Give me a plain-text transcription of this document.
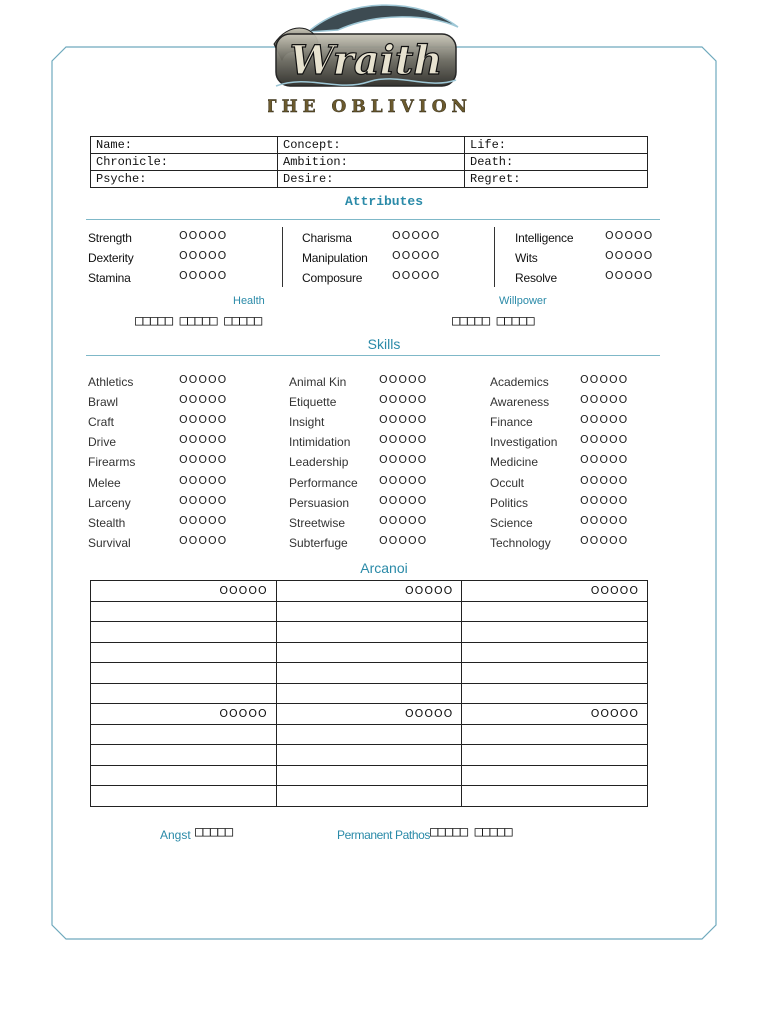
Wraith
THE OBLIVION
Name:	Concept:	Life:
Chronicle:	Ambition:	Death:
Psyche:	Desire:	Regret:
Attributes
Strength	OOOOO
Dexterity	OOOOO
Stamina	OOOOO
Charisma	OOOOO
Manipulation OOOOO
Composure	OOOOO
Intelligence	OOOOO
Wits	OOOOO
Resolve	OOOOO
Health
□□□□□ □□□□□ □□□□□
Willpower
□□□□□ □□□□□
Skills
Athletics	OOOOO
Brawl	OOOOO
Craft	OOOOO
Drive	OOOOO
Firearms	OOOOO
Melee	OOOOO
Larceny	OOOOO
Stealth	OOOOO
Survival	OOOOO
Animal Kin	OOOOO
Etiquette	OOOOO
Insight	OOOOO
Intimidation	OOOOO
Leadership	OOOOO
Performance OOOOO
Persuasion	OOOOO
Streetwise	OOOOO
Subterfuge	OOOOO
Academics	OOOOO
Awareness	OOOOO
Finance	OOOOO
Investigation OOOOO
Medicine	OOOOO
Occult	OOOOO
Politics	OOOOO
Science	OOOOO
Technology	OOOOO
Arcanoi
OOOOO	OOOOO	OOOOO

OOOOO	OOOOO	OOOOO

Angst □□□□□	Permanent Pathos □□□□□ □□□□□
